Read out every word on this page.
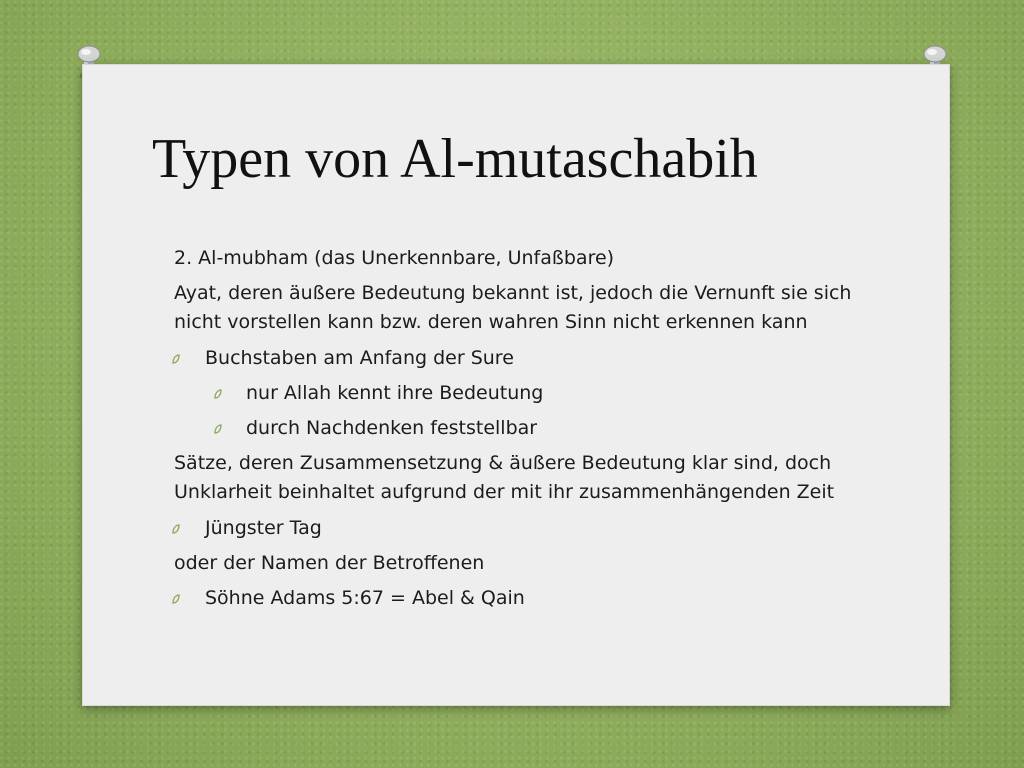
Typen von Al-mutaschabih

2. Al-mubham (das Unerkennbare, Unfaßbare)

Ayat, deren äußere Bedeutung bekannt ist, jedoch die Vernunft sie sich nicht vorstellen kann bzw. deren wahren Sinn nicht erkennen kann

Buchstaben am Anfang der Sure
nur Allah kennt ihre Bedeutung
durch Nachdenken feststellbar

Sätze, deren Zusammensetzung & äußere Bedeutung klar sind, doch Unklarheit beinhaltet aufgrund der mit ihr zusammenhängenden Zeit

Jüngster Tag

oder der Namen der Betroffenen

Söhne Adams 5:67 = Abel & Qain
